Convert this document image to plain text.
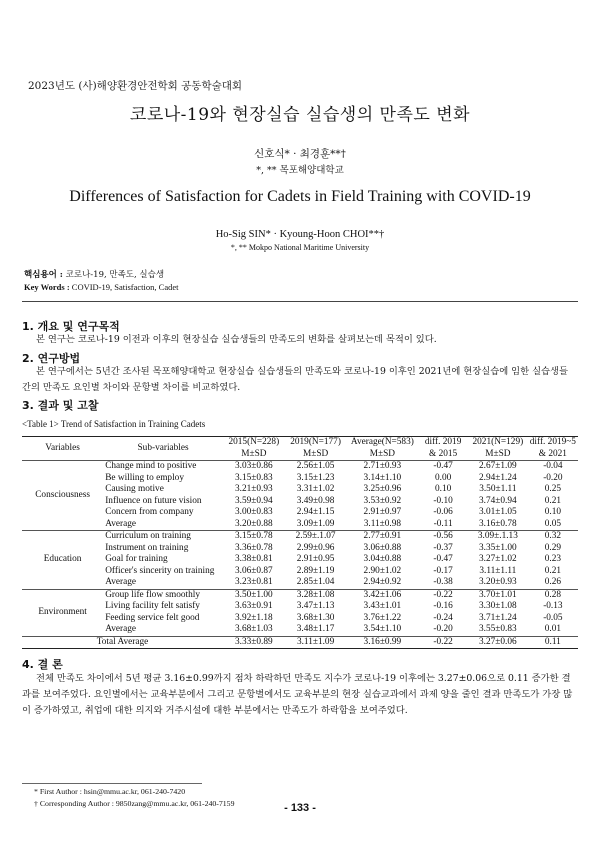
2023년도 (사)해양환경안전학회 공동학술대회
코로나-19와 현장실습 실습생의 만족도 변화
신호식* · 최경훈**†
*, ** 목포해양대학교
Differences of Satisfaction for Cadets in Field Training with COVID-19
Ho-Sig SIN* · Kyoung-Hoon CHOI**†
*, ** Mokpo National Maritime University
핵심용어 : 코로나-19, 만족도, 실습생
Key Words : COVID-19, Satisfaction, Cadet
1. 개요 및 연구목적
본 연구는 코로나-19 이전과 이후의 현장실습 실습생들의 만족도의 변화를 살펴보는데 목적이 있다.
2. 연구방법
본 연구에서는 5년간 조사된 목포해양대학교 현장실습 실습생들의 만족도와 코로나-19 이후인 2021년에 현장실습에 임한 실습생들 간의 만족도 요인별 차이와 문항별 차이를 비교하였다.
3. 결과 및 고찰
<Table 1> Trend of Satisfaction in Training Cadets
Variables	Sub-variables	2015(N=228)	2019(N=177)	Average(N=583)	diff. 2019	2021(N=129)	diff. 2019~5
		M±SD	M±SD	M±SD	& 2015	M±SD	& 2021
Consciousness	Change mind to positive	3.03±0.86	2.56±1.05	2.71±0.93	-0.47	2.67±1.09	-0.04
	Be willing to employ	3.15±0.83	3.15±1.23	3.14±1.10	0.00	2.94±1.24	-0.20
	Causing motive	3.21±0.93	3.31±1.02	3.25±0.96	0.10	3.50±1.11	0.25
	Influence on future vision	3.59±0.94	3.49±0.98	3.53±0.92	-0.10	3.74±0.94	0.21
	Concern from company	3.00±0.83	2.94±1.15	2.91±0.97	-0.06	3.01±1.05	0.10
	Average	3.20±0.88	3.09±1.09	3.11±0.98	-0.11	3.16±0.78	0.05
Education	Curriculum on training	3.15±0.78	2.59±.1.07	2.77±0.91	-0.56	3.09±.1.13	0.32
	Instrument on training	3.36±0.78	2.99±0.96	3.06±0.88	-0.37	3.35±1.00	0.29
	Goal for training	3.38±0.81	2.91±0.95	3.04±0.88	-0.47	3.27±1.02	0.23
	Officer's sincerity on training	3.06±0.87	2.89±1.19	2.90±1.02	-0.17	3.11±1.11	0.21
	Average	3.23±0.81	2.85±1.04	2.94±0.92	-0.38	3.20±0.93	0.26
Environment	Group life flow smoothly	3.50±1.00	3.28±1.08	3.42±1.06	-0.22	3.70±1.01	0.28
	Living facility felt satisfy	3.63±0.91	3.47±1.13	3.43±1.01	-0.16	3.30±1.08	-0.13
	Feeding service felt good	3.92±1.18	3.68±1.30	3.76±1.22	-0.24	3.71±1.24	-0.05
	Average	3.68±1.03	3.48±1.17	3.54±1.10	-0.20	3.55±0.83	0.01
Total Average		3.33±0.89	3.11±1.09	3.16±0.99	-0.22	3.27±0.06	0.11
4. 결 론
전체 만족도 차이에서 5년 평균 3.16±0.99까지 점차 하락하던 만족도 지수가 코로나-19 이후에는 3.27±0.06으로 0.11 증가한 결과를 보여주었다. 요인별에서는 교육부분에서 그리고 문항별에서도 교육부분의 현장 실습교과에서 과제 양을 줄인 결과 만족도가 가장 많이 증가하였고, 취업에 대한 의지와 거주시설에 대한 부분에서는 만족도가 하락함을 보여주었다.
* First Author : hsin@mmu.ac.kr, 061-240-7420
† Corresponding Author : 9850zang@mmu.ac.kr, 061-240-7159	- 133 -
